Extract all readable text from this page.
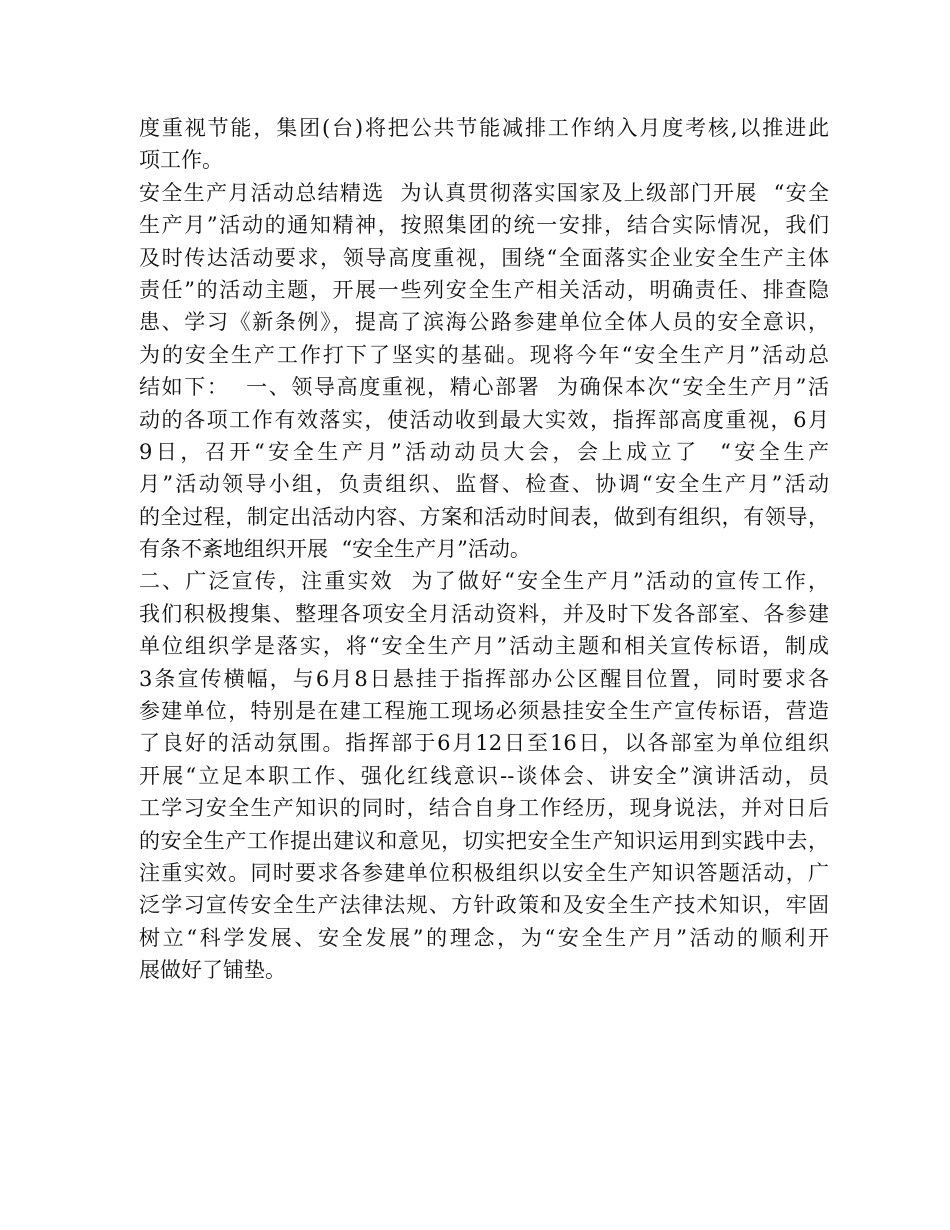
度重视节能，集团(台)将把公共节能减排工作纳入月度考核,以推进此
项工作。
安全生产月活动总结精选  为认真贯彻落实国家及上级部门开展  “安全
生产月”活动的通知精神，按照集团的统一安排，结合实际情况，我们
及时传达活动要求，领导高度重视，围绕“全面落实企业安全生产主体
责任”的活动主题，开展一些列安全生产相关活动，明确责任、排查隐
患、学习《新条例》，提高了滨海公路参建单位全体人员的安全意识，
为的安全生产工作打下了坚实的基础。现将今年“安全生产月”活动总
结如下：  一、领导高度重视，精心部署  为确保本次“安全生产月”活
动的各项工作有效落实，使活动收到最大实效，指挥部高度重视，6月
9日，召开“安全生产月”活动动员大会，会上成立了  “安全生产
月”活动领导小组，负责组织、监督、检查、协调“安全生产月”活动
的全过程，制定出活动内容、方案和活动时间表，做到有组织，有领导，
有条不紊地组织开展  “安全生产月”活动。
二、广泛宣传，注重实效  为了做好“安全生产月”活动的宣传工作，
我们积极搜集、整理各项安全月活动资料，并及时下发各部室、各参建
单位组织学是落实，将“安全生产月”活动主题和相关宣传标语，制成
3条宣传横幅，与6月8日悬挂于指挥部办公区醒目位置，同时要求各
参建单位，特别是在建工程施工现场必须悬挂安全生产宣传标语，营造
了良好的活动氛围。指挥部于6月12日至16日，以各部室为单位组织
开展“立足本职工作、强化红线意识--谈体会、讲安全”演讲活动，员
工学习安全生产知识的同时，结合自身工作经历，现身说法，并对日后
的安全生产工作提出建议和意见，切实把安全生产知识运用到实践中去，
注重实效。同时要求各参建单位积极组织以安全生产知识答题活动，广
泛学习宣传安全生产法律法规、方针政策和及安全生产技术知识，牢固
树立“科学发展、安全发展”的理念，为“安全生产月”活动的顺利开
展做好了铺垫。
